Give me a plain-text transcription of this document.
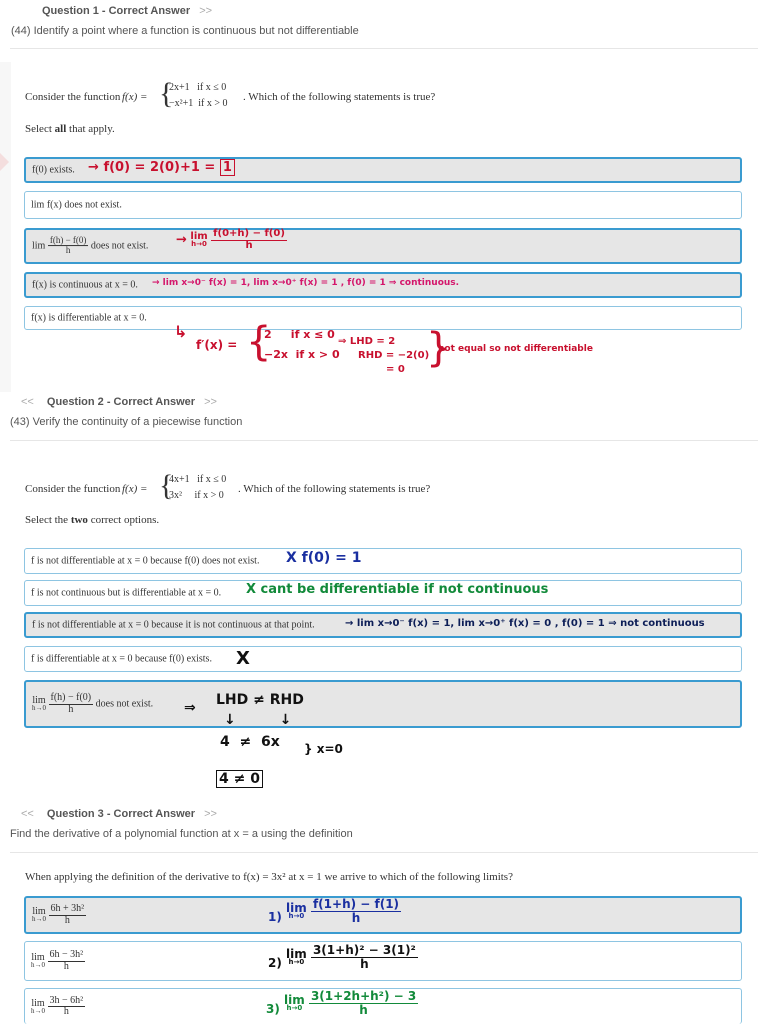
Question 1 - Correct Answer >>
(44) Identify a point where a function is continuous but not differentiable
Consider the function f(x) = {
2x+1   if x ≤ 0
−x²+1  if x > 0
. Which of the following statements is true?
Select all that apply.
f(0) exists. → f(0) = 2(0)+1 = 1
lim f(x) does not exist.
$\lim \frac{f(h) - f(0)}{h}$ does not exist. → lim
h→0
$\frac{f(0+h) - f(0)}{h}$
f(x) is continuous at x = 0. → lim x→0⁻ f(x) = 1, lim x→0⁺ f(x) = 1 , f(0) = 1 ⇒ continuous.
f(x) is differentiable at x = 0.
↳
f′(x) = {
2     if x ≤ 0
−2x  if x > 0
⇒ LHD = 2
RHD = −2(0)
= 0 }
not equal so not differentiable
<< Question 2 - Correct Answer >>
(43) Verify the continuity of a piecewise function
Consider the function f(x) = {
4x+1   if x ≤ 0
3x²     if x > 0
. Which of the following statements is true?
Select the two correct options.
f is not differentiable at x = 0 because f(0) does not exist. X f(0) = 1
f is not continuous but is differentiable at x = 0. X cant be differentiable if not continuous
f is not differentiable at x = 0 because it is not continuous at that point.	→ lim x→0⁻ f(x) = 1, lim x→0⁺ f(x) = 0 , f(0) = 1 ⇒ not continuous
f is differentiable at x = 0 because f(0) exists. X
lim
h→0
$\frac{f(h) - f(0)}{h}$ does not exist. ⇒ LHD ≠ RHD
↓         ↓
4  ≠  6x } x=0
4 ≠ 0
<< Question 3 - Correct Answer >>
Find the derivative of a polynomial function at x = a using the definition
When applying the definition of the derivative to f(x) = 3x² at x = 1 we arrive to which of the following limits?
lim
h→0
$\frac{\text{6h + 3h²}}{h}$	1) lim
h→0
$\frac{f(1+h) - f(1)}{h}$
lim
h→0
$\frac{\text{6h − 3h²}}{h}$	2) lim
h→0
$\frac{\text{3(1+h)² − 3(1)²}}{h}$
lim
h→0
$\frac{\text{3h − 6h²}}{h}$	3) lim
h→0
$\frac{\text{3(1+2h+h²) − 3}}{h}$
